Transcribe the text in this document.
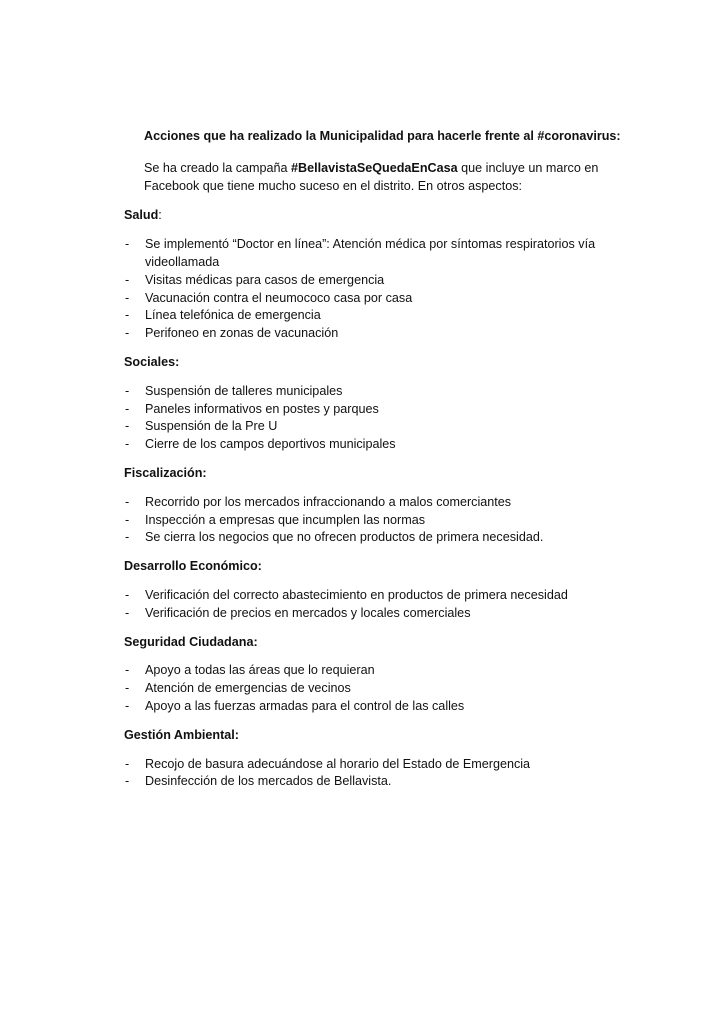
Acciones que ha realizado la Municipalidad para hacerle frente al #coronavirus:
Se ha creado la campaña #BellavistaSeQuedaEnCasa que incluye un marco en Facebook que tiene mucho suceso en el distrito. En otros aspectos:
Salud:
- Se implementó “Doctor en línea”: Atención médica por síntomas respiratorios vía videollamada
- Visitas médicas para casos de emergencia
- Vacunación contra el neumococo casa por casa
- Línea telefónica de emergencia
- Perifoneo en zonas de vacunación
Sociales:
- Suspensión de talleres municipales
- Paneles informativos en postes y parques
- Suspensión de la Pre U
- Cierre de los campos deportivos municipales
Fiscalización:
- Recorrido por los mercados infraccionando a malos comerciantes
- Inspección a empresas que incumplen las normas
- Se cierra los negocios que no ofrecen productos de primera necesidad.
Desarrollo Económico:
- Verificación del correcto abastecimiento en productos de primera necesidad
- Verificación de precios en mercados y locales comerciales
Seguridad Ciudadana:
- Apoyo a todas las áreas que lo requieran
- Atención de emergencias de vecinos
- Apoyo a las fuerzas armadas para el control de las calles
Gestión Ambiental:
- Recojo de basura adecuándose al horario del Estado de Emergencia
- Desinfección de los mercados de Bellavista.
